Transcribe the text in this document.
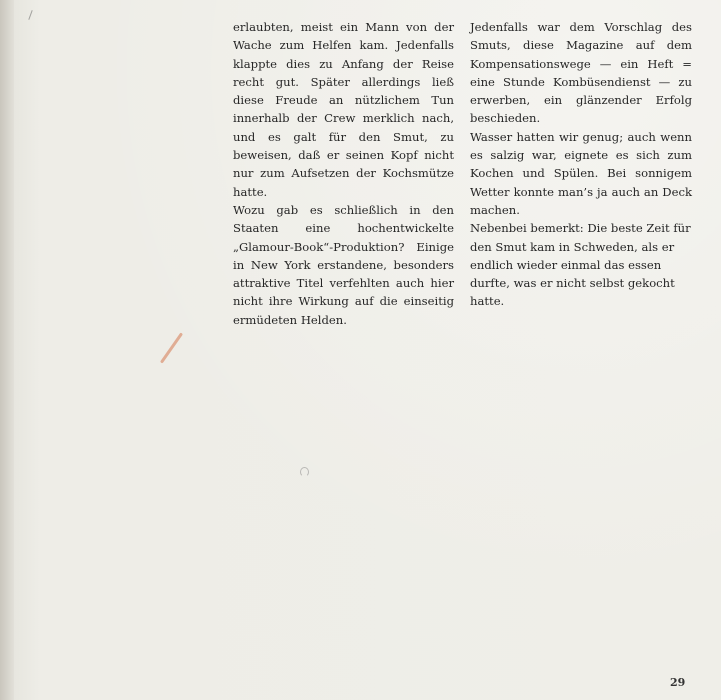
erlaubten, meist ein Mann von der Wache zum Helfen kam. Jedenfalls klappte dies zu Anfang der Reise recht gut. Später allerdings ließ diese Freude an nützlichem Tun innerhalb der Crew merklich nach, und es galt für den Smut, zu beweisen, daß er seinen Kopf nicht nur zum Aufsetzen der Kochsmütze hatte.

Wozu gab es schließlich in den Staaten eine hochentwickelte „Glamour-Book“-Produktion? Einige in New York erstandene, besonders attraktive Titel verfehlten auch hier nicht ihre Wirkung auf die einseitig ermüdeten Helden.

Jedenfalls war dem Vorschlag des Smuts, diese Magazine auf dem Kompensationswege — ein Heft = eine Stunde Kombüsendienst — zu erwerben, ein glänzender Erfolg beschieden.

Wasser hatten wir genug; auch wenn es salzig war, eignete es sich zum Kochen und Spülen. Bei sonnigem Wetter konnte man’s ja auch an Deck machen.

Nebenbei bemerkt: Die beste Zeit für den Smut kam in Schweden, als er endlich wieder einmal das essen durfte, was er nicht selbst gekocht hatte.

29
